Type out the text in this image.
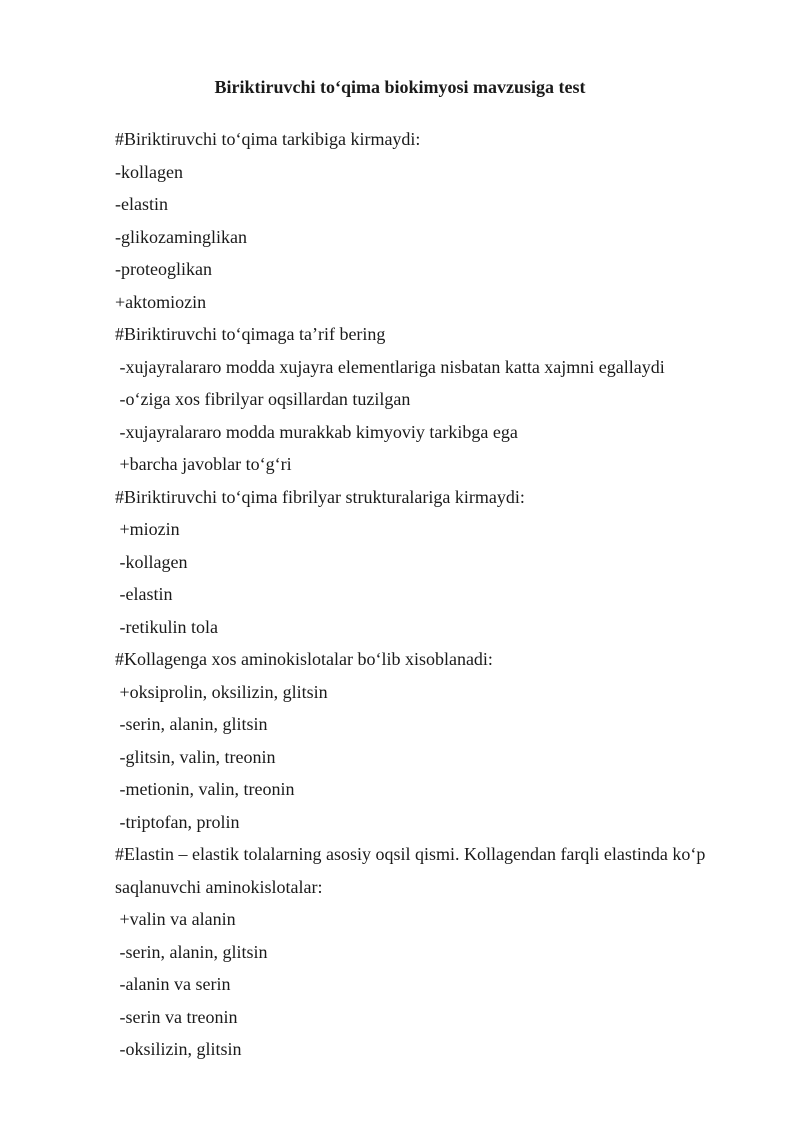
Biriktiruvchi to‘qima biokimyosi mavzusiga test

#Biriktiruvchi to‘qima tarkibiga kirmaydi:

-kollagen

-elastin

-glikozaminglikan

-proteoglikan

+aktomiozin

#Biriktiruvchi to‘qimaga ta’rif bering

-xujayralararo modda xujayra elementlariga nisbatan katta xajmni egallaydi

-o‘ziga xos fibrilyar oqsillardan tuzilgan

-xujayralararo modda murakkab kimyoviy tarkibga ega

+barcha javoblar to‘g‘ri

#Biriktiruvchi to‘qima fibrilyar strukturalariga kirmaydi:

+miozin

-kollagen

-elastin

-retikulin tola

#Kollagenga xos aminokislotalar bo‘lib xisoblanadi:

+oksiprolin, oksilizin, glitsin

-serin, alanin, glitsin

-glitsin, valin, treonin

-metionin, valin, treonin

-triptofan, prolin

#Elastin – elastik tolalarning asosiy oqsil qismi. Kollagendan farqli elastinda ko‘p

saqlanuvchi aminokislotalar:

+valin va alanin

-serin, alanin, glitsin

-alanin va serin

-serin va treonin

-oksilizin, glitsin
